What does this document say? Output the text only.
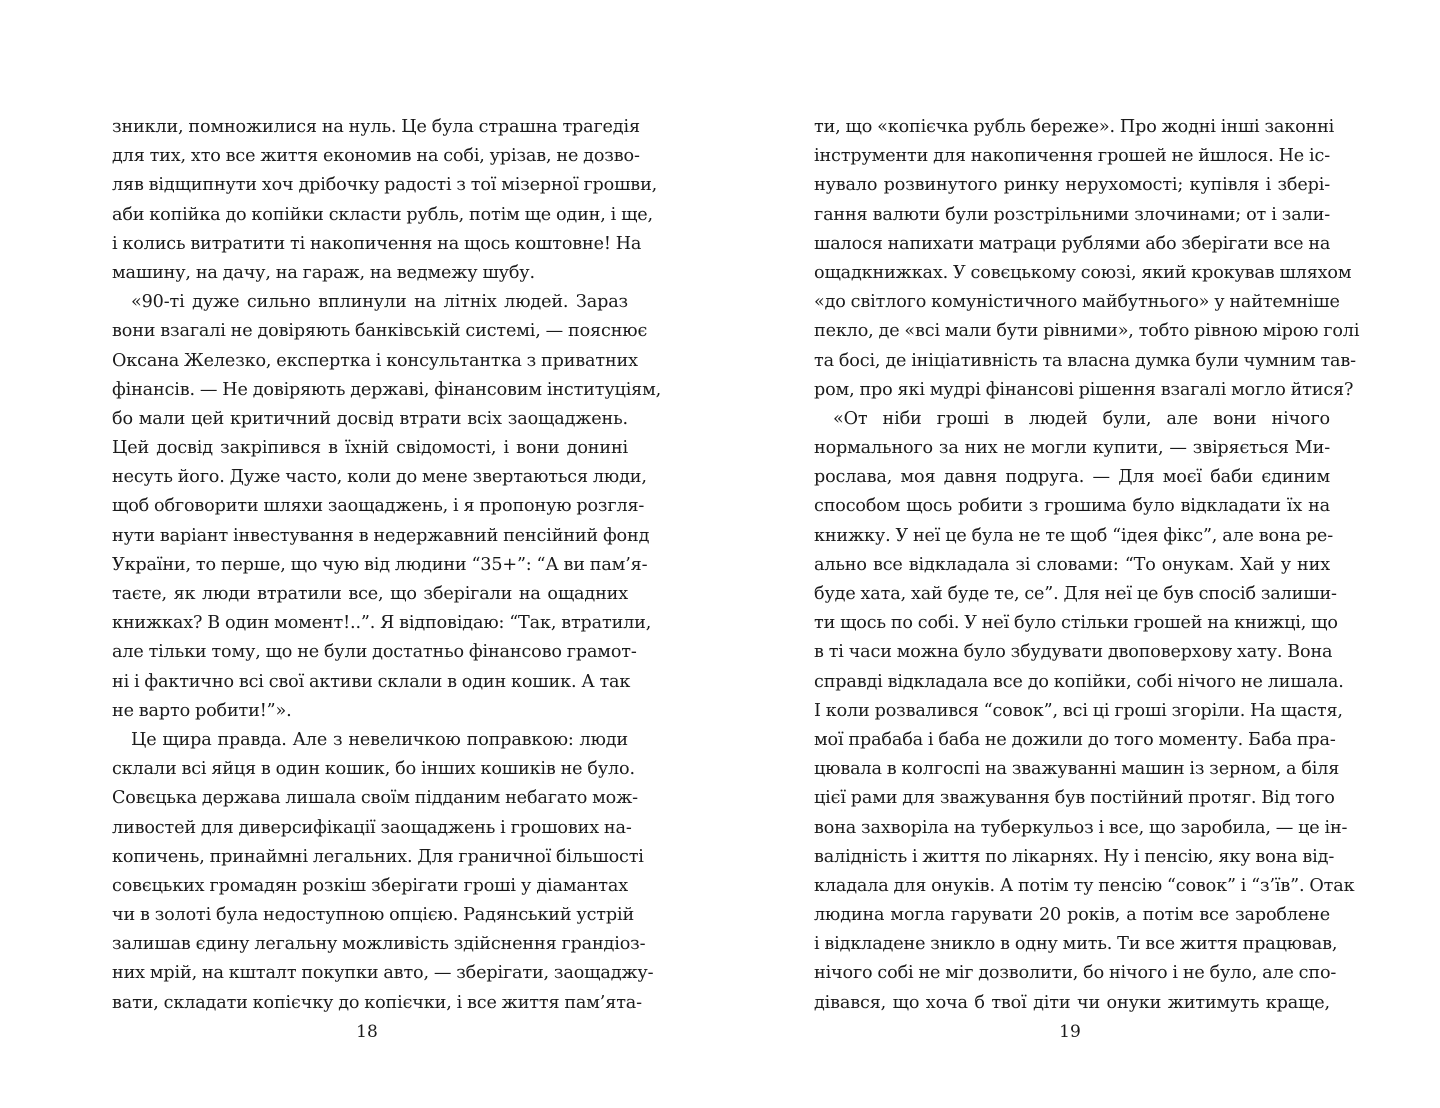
зникли, помножилися на нуль. Це була страшна трагедія
для тих, хто все життя економив на собі, урізав, не дозво-
ляв відщипнути хоч дрібочку радості з тої мізерної грошви,
аби копійка до копійки скласти рубль, потім ще один, і ще,
і колись витратити ті накопичення на щось коштовне! На
машину, на дачу, на гараж, на ведмежу шубу.
«90-ті дуже сильно вплинули на літніх людей. Зараз
вони взагалі не довіряють банківській системі, — пояснює
Оксана Железко, експертка і консультантка з приватних
фінансів. — Не довіряють державі, фінансовим інституціям,
бо мали цей критичний досвід втрати всіх заощаджень.
Цей досвід закріпився в їхній свідомості, і вони донині
несуть його. Дуже часто, коли до мене звертаються люди,
щоб обговорити шляхи заощаджень, і я пропоную розгля-
нути варіант інвестування в недержавний пенсійний фонд
України, то перше, що чую від людини “35+”: “А ви пам’я-
таєте, як люди втратили все, що зберігали на ощадних
книжках? В один момент!..”. Я відповідаю: “Так, втратили,
але тільки тому, що не були достатньо фінансово грамот-
ні і фактично всі свої активи склали в один кошик. А так
не варто робити!”».
Це щира правда. Але з невеличкою поправкою: люди
склали всі яйця в один кошик, бо інших кошиків не було.
Совєцька держава лишала своїм підданим небагато мож-
ливостей для диверсифікації заощаджень і грошових на-
копичень, принаймні легальних. Для граничної більшості
совєцьких громадян розкіш зберігати гроші у діамантах
чи в золоті була недоступною опцією. Радянський устрій
залишав єдину легальну можливість здійснення грандіоз-
них мрій, на кшталт покупки авто, — зберігати, заощаджу-
вати, складати копієчку до копієчки, і все життя пам’ята-
18
ти, що «копієчка рубль береже». Про жодні інші законні
інструменти для накопичення грошей не йшлося. Не іс-
нувало розвинутого ринку нерухомості; купівля і зберi-
гання валюти були розстрільними злочинами; от і зали-
шалося напихати матраци рублями або зберігати все на
ощадкнижках. У совєцькому союзі, який крокував шляхом
«до світлого комуністичного майбутнього» у найтемніше
пекло, де «всі мали бути рівними», тобто рівною мірою голі
та босі, де ініціативність та власна думка були чумним тав-
ром, про які мудрі фінансові рішення взагалі могло йтися?
«От ніби гроші в людей були, але вони нічого
нормального за них не могли купити, — звіряється Ми-
рослава, моя давня подруга. — Для моєї баби єдиним
способом щось робити з грошима було відкладати їх на
книжку. У неї це була не те щоб “ідея фікс”, але вона ре-
ально все відкладала зі словами: “То онукам. Хай у них
буде хата, хай буде те, се”. Для неї це був спосіб залиши-
ти щось по собі. У неї було стільки грошей на книжці, що
в ті часи можна було збудувати двоповерхову хату. Вона
справді відкладала все до копійки, собі нічого не лишала.
І коли розвалився “совок”, всі ці гроші згоріли. На щастя,
мої прабаба і баба не дожили до того моменту. Баба пра-
цювала в колгоспі на зважуванні машин із зерном, а біля
цієї рами для зважування був постійний протяг. Від того
вона захворіла на туберкульоз і все, що заробила, — це ін-
валідність і життя по лікарнях. Ну і пенсію, яку вона від-
кладала для онуків. А потім ту пенсію “совок” і “з’їв”. Отак
людина могла гарувати 20 років, а потім все зароблене
і відкладене зникло в одну мить. Ти все життя працював,
нічого собі не міг дозволити, бо нічого і не було, але спо-
дівався, що хоча б твої діти чи онуки житимуть краще,
19
